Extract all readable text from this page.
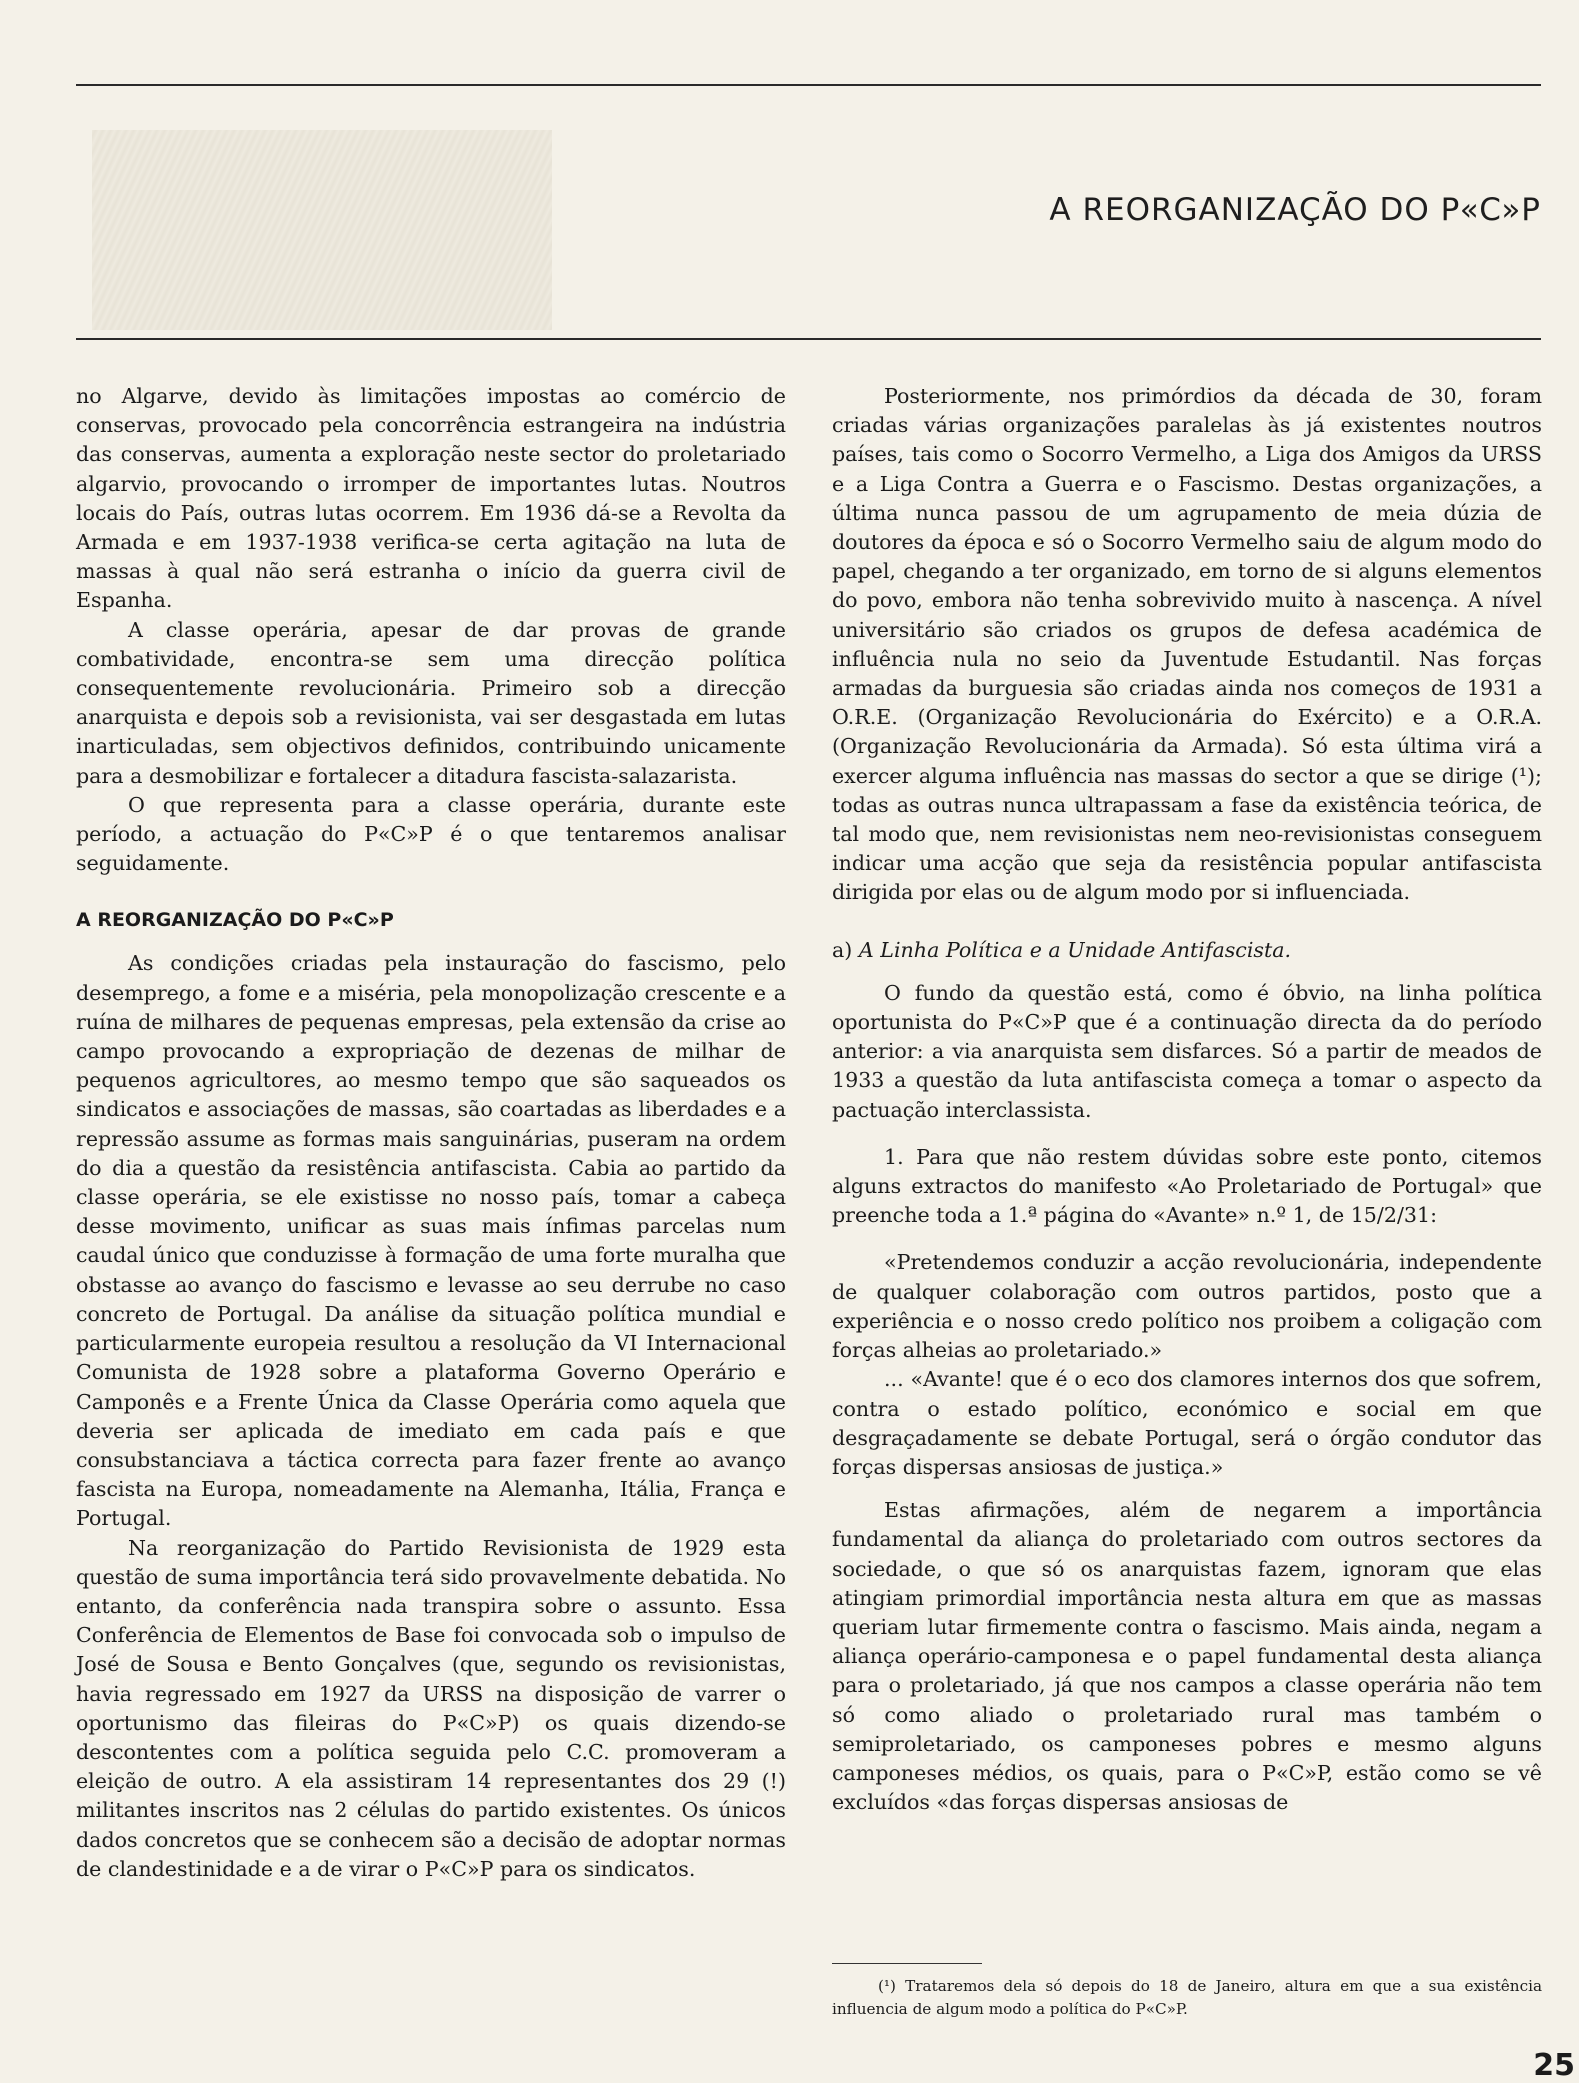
A REORGANIZAÇÃO DO P«C»P

no Algarve, devido às limitações impostas ao comércio de conservas, provocado pela concorrência estrangeira na indústria das conservas, aumenta a exploração neste sector do proletariado algarvio, provocando o irromper de importantes lutas. Noutros locais do País, outras lutas ocorrem. Em 1936 dá-se a Revolta da Armada e em 1937-1938 verifica-se certa agitação na luta de massas à qual não será estranha o início da guerra civil de Espanha.

A classe operária, apesar de dar provas de grande combatividade, encontra-se sem uma direcção política consequentemente revolucionária. Primeiro sob a direcção anarquista e depois sob a revisionista, vai ser desgastada em lutas inarticuladas, sem objectivos definidos, contribuindo unicamente para a desmobilizar e fortalecer a ditadura fascista-salazarista.

O que representa para a classe operária, durante este período, a actuação do P«C»P é o que tentaremos analisar seguidamente.

A REORGANIZAÇÃO DO P«C»P

As condições criadas pela instauração do fascismo, pelo desemprego, a fome e a miséria, pela monopolização crescente e a ruína de milhares de pequenas empresas, pela extensão da crise ao campo provocando a expropriação de dezenas de milhar de pequenos agricultores, ao mesmo tempo que são saqueados os sindicatos e associações de massas, são coartadas as liberdades e a repressão assume as formas mais sanguinárias, puseram na ordem do dia a questão da resistência antifascista. Cabia ao partido da classe operária, se ele existisse no nosso país, tomar a cabeça desse movimento, unificar as suas mais ínfimas parcelas num caudal único que conduzisse à formação de uma forte muralha que obstasse ao avanço do fascismo e levasse ao seu derrube no caso concreto de Portugal. Da análise da situação política mundial e particularmente europeia resultou a resolução da VI Internacional Comunista de 1928 sobre a plataforma Governo Operário e Camponês e a Frente Única da Classe Operária como aquela que deveria ser aplicada de imediato em cada país e que consubstanciava a táctica correcta para fazer frente ao avanço fascista na Europa, nomeadamente na Alemanha, Itália, França e Portugal.

Na reorganização do Partido Revisionista de 1929 esta questão de suma importância terá sido provavelmente debatida. No entanto, da conferência nada transpira sobre o assunto. Essa Conferência de Elementos de Base foi convocada sob o impulso de José de Sousa e Bento Gonçalves (que, segundo os revisionistas, havia regressado em 1927 da URSS na disposição de varrer o oportunismo das fileiras do P«C»P) os quais dizendo-se descontentes com a política seguida pelo C.C. promoveram a eleição de outro. A ela assistiram 14 representantes dos 29 (!) militantes inscritos nas 2 células do partido existentes. Os únicos dados concretos que se conhecem são a decisão de adoptar normas de clandestinidade e a de virar o P«C»P para os sindicatos.

Posteriormente, nos primórdios da década de 30, foram criadas várias organizações paralelas às já existentes noutros países, tais como o Socorro Vermelho, a Liga dos Amigos da URSS e a Liga Contra a Guerra e o Fascismo. Destas organizações, a última nunca passou de um agrupamento de meia dúzia de doutores da época e só o Socorro Vermelho saiu de algum modo do papel, chegando a ter organizado, em torno de si alguns elementos do povo, embora não tenha sobrevivido muito à nascença. A nível universitário são criados os grupos de defesa académica de influência nula no seio da Juventude Estudantil. Nas forças armadas da burguesia são criadas ainda nos começos de 1931 a O.R.E. (Organização Revolucionária do Exército) e a O.R.A. (Organização Revolucionária da Armada). Só esta última virá a exercer alguma influência nas massas do sector a que se dirige (¹); todas as outras nunca ultrapassam a fase da existência teórica, de tal modo que, nem revisionistas nem neo-revisionistas conseguem indicar uma acção que seja da resistência popular antifascista dirigida por elas ou de algum modo por si influenciada.

a) A Linha Política e a Unidade Antifascista.

O fundo da questão está, como é óbvio, na linha política oportunista do P«C»P que é a continuação directa da do período anterior: a via anarquista sem disfarces. Só a partir de meados de 1933 a questão da luta antifascista começa a tomar o aspecto da pactuação interclassista.

1. Para que não restem dúvidas sobre este ponto, citemos alguns extractos do manifesto «Ao Proletariado de Portugal» que preenche toda a 1.ª página do «Avante» n.º 1, de 15/2/31:

«Pretendemos conduzir a acção revolucionária, independente de qualquer colaboração com outros partidos, posto que a experiência e o nosso credo político nos proibem a coligação com forças alheias ao proletariado.»

... «Avante! que é o eco dos clamores internos dos que sofrem, contra o estado político, económico e social em que desgraçadamente se debate Portugal, será o órgão condutor das forças dispersas ansiosas de justiça.»

Estas afirmações, além de negarem a importância fundamental da aliança do proletariado com outros sectores da sociedade, o que só os anarquistas fazem, ignoram que elas atingiam primordial importância nesta altura em que as massas queriam lutar firmemente contra o fascismo. Mais ainda, negam a aliança operário-camponesa e o papel fundamental desta aliança para o proletariado, já que nos campos a classe operária não tem só como aliado o proletariado rural mas também o semiproletariado, os camponeses pobres e mesmo alguns camponeses médios, os quais, para o P«C»P, estão como se vê excluídos «das forças dispersas ansiosas de

(¹) Trataremos dela só depois do 18 de Janeiro, altura em que a sua existência influencia de algum modo a política do P«C»P.

25
